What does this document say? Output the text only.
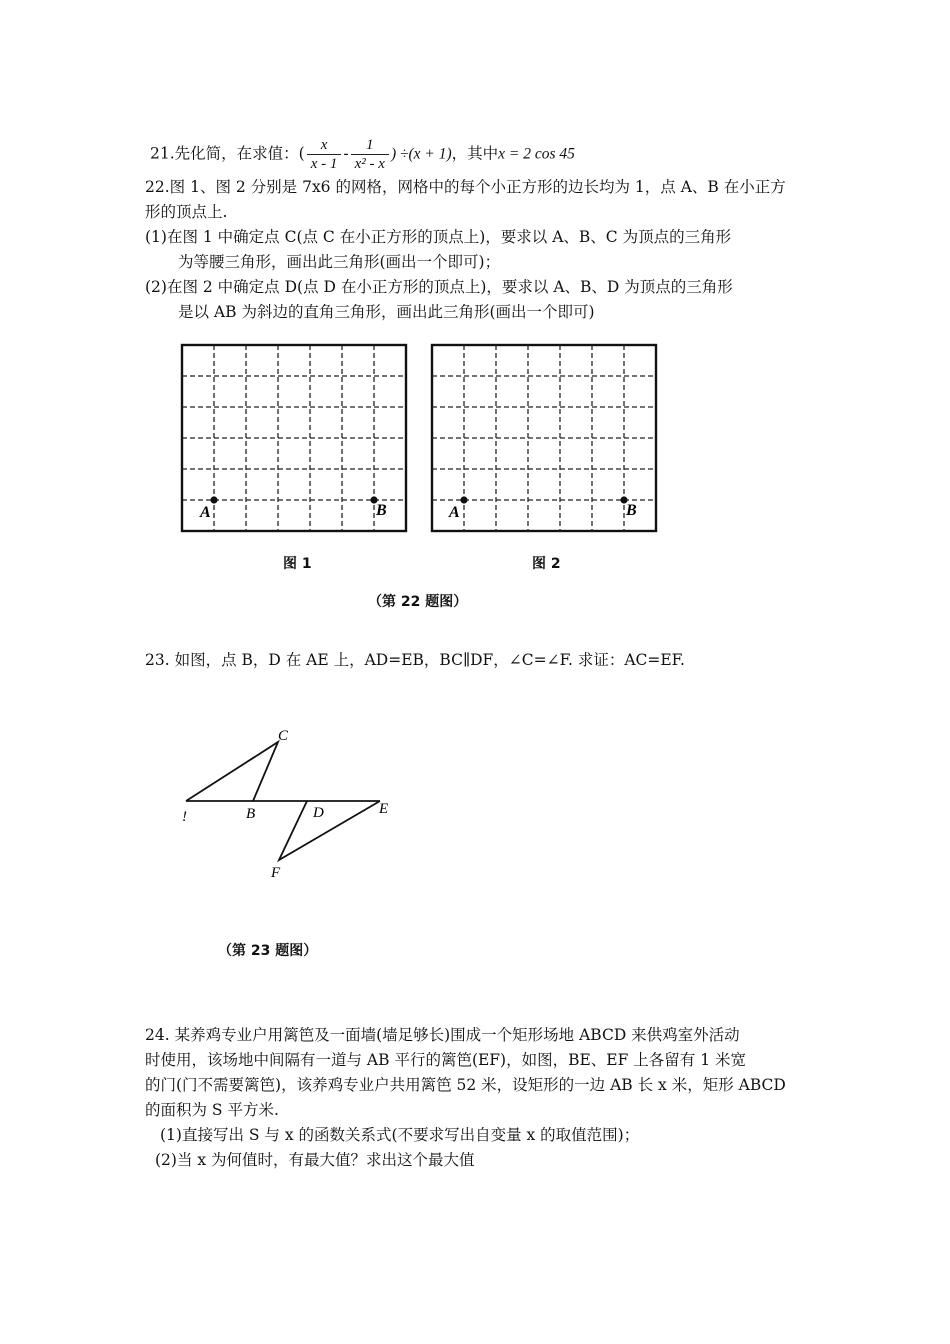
21.先化简，在求值：( $\frac{x}{x - 1} - \frac{1}{\text{x² - x}}$ ) ÷(x + 1)，其中x = 2 cos 45
22.图 1、图 2 分别是 7x6 的网格，网格中的每个小正方形的边长均为 1，点 A、B 在小正方
形的顶点上.
(1)在图 1 中确定点 C(点 C 在小正方形的顶点上)，要求以 A、B、C 为顶点的三角形
为等腰三角形，画出此三角形(画出一个即可)；
(2)在图 2 中确定点 D(点 D 在小正方形的顶点上)，要求以 A、B、D 为顶点的三角形
是以 AB 为斜边的直角三角形，画出此三角形(画出一个即可)
A	B	A	B
图 1	图 2
（第 22 题图）
23. 如图，点 B，D 在 AE 上，AD=EB，BC∥DF，∠C=∠F. 求证：AC=EF.
!	B
C
D	E
F
（第 23 题图）
24. 某养鸡专业户用篱笆及一面墙(墙足够长)围成一个矩形场地 ABCD 来供鸡室外活动
时使用，该场地中间隔有一道与 AB 平行的篱笆(EF)，如图，BE、EF 上各留有 1 米宽
的门(门不需要篱笆)，该养鸡专业户共用篱笆 52 米，设矩形的一边 AB 长 x 米，矩形 ABCD
的面积为 S 平方米.
(1)直接写出 S 与 x 的函数关系式(不要求写出自变量 x 的取值范围)；
(2)当 x 为何值时，有最大值？求出这个最大值
